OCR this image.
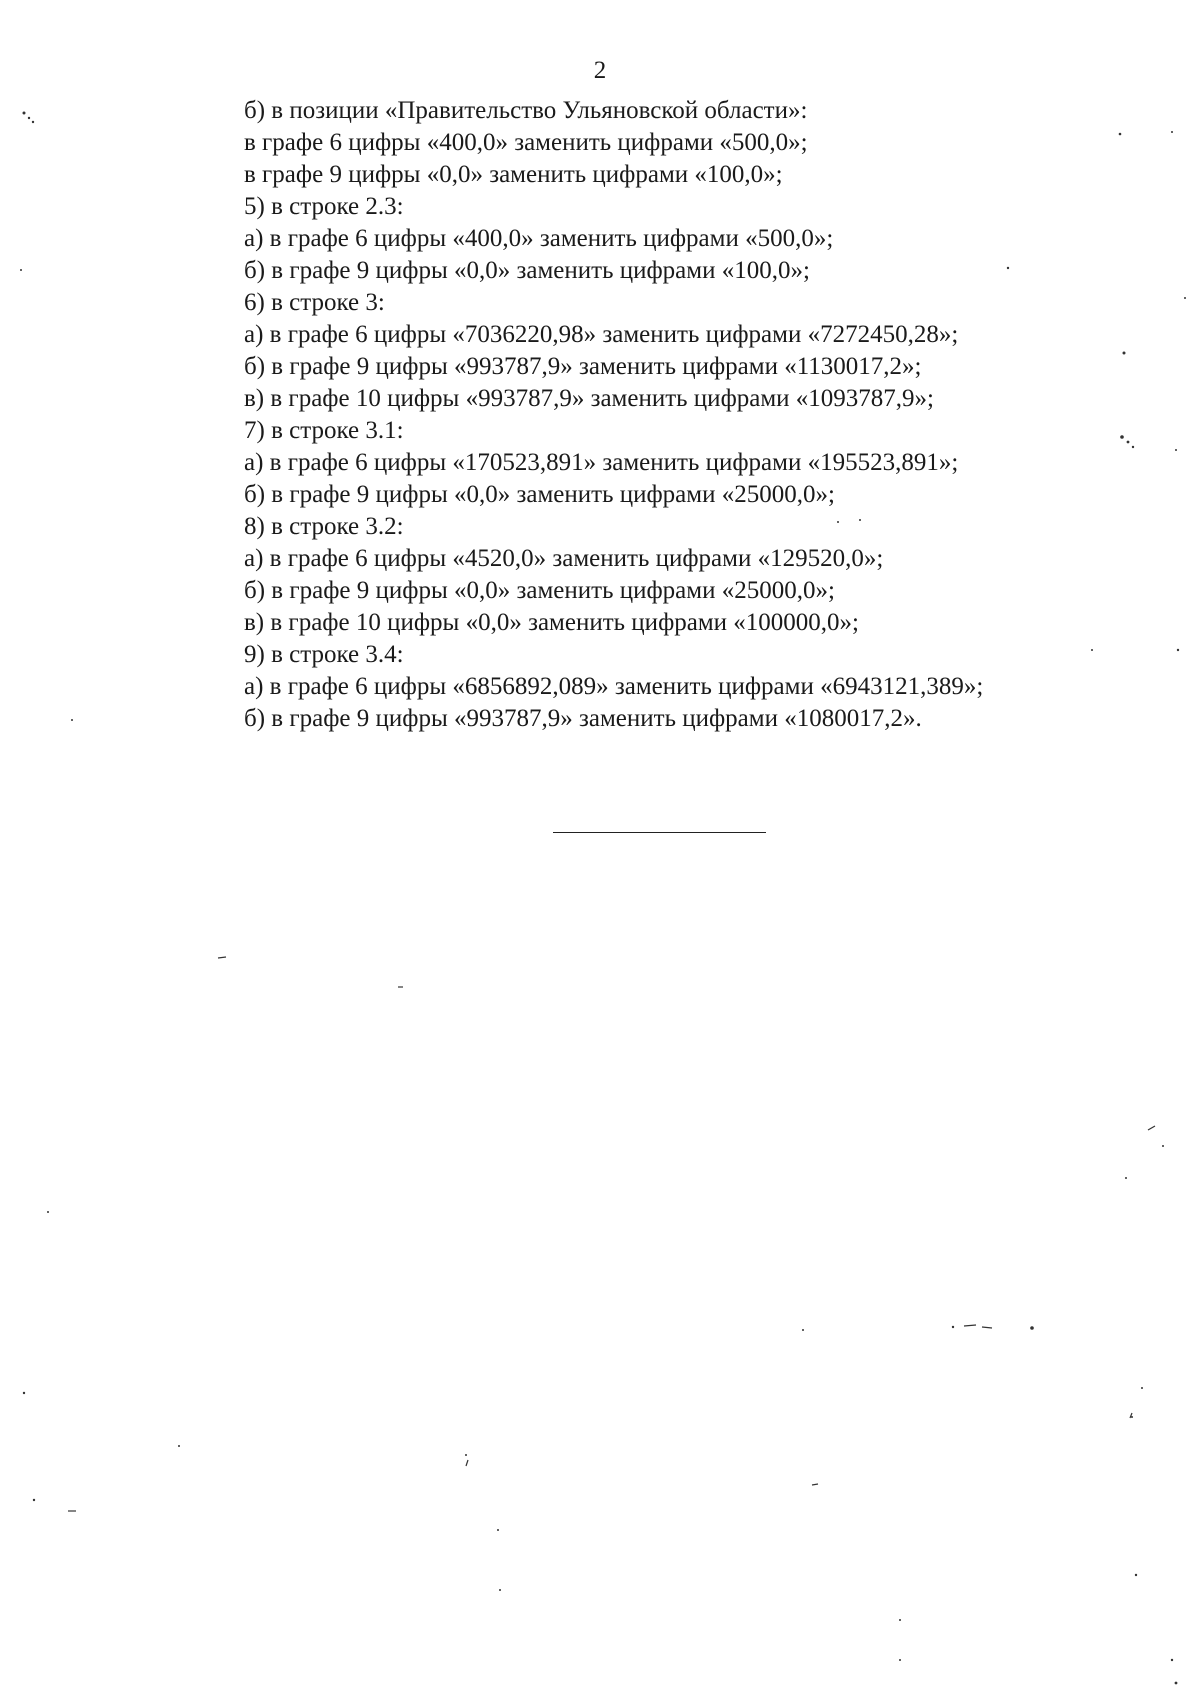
2
б) в позиции «Правительство Ульяновской области»:
в графе 6 цифры «400,0» заменить цифрами «500,0»;
в графе 9 цифры «0,0» заменить цифрами «100,0»;
5) в строке 2.3:
а) в графе 6 цифры «400,0» заменить цифрами «500,0»;
б) в графе 9 цифры «0,0» заменить цифрами «100,0»;
6) в строке 3:
а) в графе 6 цифры «7036220,98» заменить цифрами «7272450,28»;
б) в графе 9 цифры «993787,9» заменить цифрами «1130017,2»;
в) в графе 10 цифры «993787,9» заменить цифрами «1093787,9»;
7) в строке 3.1:
а) в графе 6 цифры «170523,891» заменить цифрами «195523,891»;
б) в графе 9 цифры «0,0» заменить цифрами «25000,0»;
8) в строке 3.2:
а) в графе 6 цифры «4520,0» заменить цифрами «129520,0»;
б) в графе 9 цифры «0,0» заменить цифрами «25000,0»;
в) в графе 10 цифры «0,0» заменить цифрами «100000,0»;
9) в строке 3.4:
а) в графе 6 цифры «6856892,089» заменить цифрами «6943121,389»;
б) в графе 9 цифры «993787,9» заменить цифрами «1080017,2».
